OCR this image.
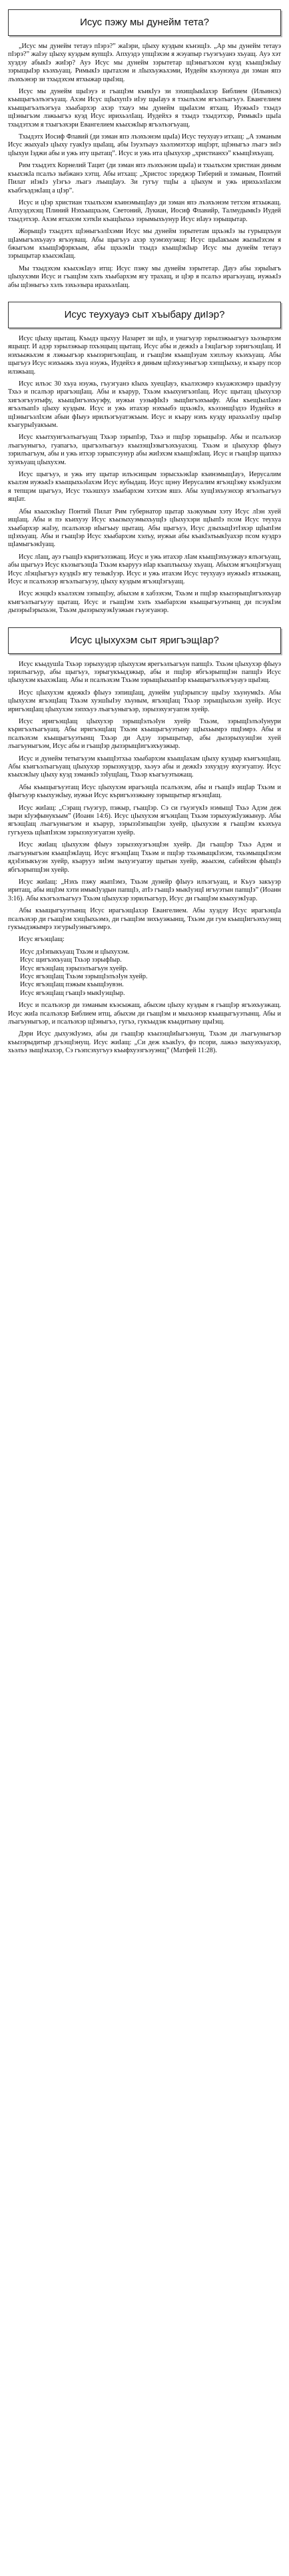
Исус пэжу мы дунейм тета?

„Исус мы дунейм тетауэ пIэрэ?” жаIэри, цIыху куэдым кънэщIэ. „Ар мы дунейм тетауэ пIэрэ?” жаIэу цIыху куэдым яупщIэ. Апхуэдэ упщIэхэм я жэуапыр гъуэгъуанэ хъуащ. Ауэ хэт хуэдэу абыкIэ жиIэр? Ауэ Исус мы дунейм зэрытетар щIэныгъэхэм куэд къыщIэкIыу зэрыщыIэр къэхъуащ. РимыкIэ щытахэм и лIыхъужьхэми, Иудейм къэунэхуа ди зэман япэ лъэхъэнэр зи тхыдэхэм ятхыжар щыIэщ.

Исус мы дунейм щыIэуэ и гъащIэм къикIуэ зи зэхищIыкIахэр Библием (Ильинск) къыщыгъэлъэгъуащ. Ахэм Исус щIыхупIэ иIэу щыIауэ я тхылъхэм ягъэлъагъуэ. Евангелием къыщыгъэлъэгъуа хъыбархэр ахэр тхауэ мы дунейм щыIахэм ятхащ. ИужькIэ тхыдэ щIэныгъэм лэжьыгъэ куэд Исус ирихьэлIащ. Иудейхэ я тхыдэ тхыдэтхэр, РимыкIэ щыIа тхыдэтхэм я тхыгъэхэри Евангелием къыхэкIыр ягъэлъэгъуащ.

Тхыдэтх Иосиф Флавий (ди зэман япэ лъэхъэнэм щыIа) Исус теухуауэ итхащ: „А зэманым Исус жыхуаIэ цIыху гуакIуэ щыIащ, абы Iэуэлъауэ хьэлэмэтхэр ищIэрт, щIэныгъэ лъагэ зиIэ цIыхуи Iэджи абы и ужь иту щытащ”. Исус и ужь ита цIыхухэр „христианхэ” къыщIэхъуащ.

Рим тхыдэтх Корнелий Тацит (ди зэман япэ лъэхъэнэм щыIа) и тхылъхэм христиан диным къыхэкIа псалъэ зыбжанэ хэтщ. Абы итхащ: „Христос зэреджэр Тиберий и зэманым, Понтий Пилат иIэкIэ уIэгъэ лъагэ лъыщIауэ. Зи гугъу тщIы а цIыхум и ужь ирихьэлIахэм къабгъэдэкIащ а цIэр”.

Исус и цIэр христиан тхылъхэм къинэмыщIауэ ди зэман япэ лъэхъэнэм тетхэм ятхыжащ. Апхуэдэхэщ Плиний Нэхъыщхьэм, Светоний, Лукиан, Иосиф Флавийр, ТалмудымкIэ Иудей тхыдэтхэр. Ахэм ятхахэм хэткIи къащIыхьэ зэрымыхъунур Исус иIауэ зэрыщытар.

ЖорыщIэ тхыдэтх щIэныгъэлIхэми Исус мы дунейм зэрытетам щхьэкIэ зы гурыщхъуи щIамыгъэхъуауэ ягъэуващ. Абы щыгъуэ ахэр хуэмэхуэжщ: Исус щыIакъым жызыIэхэм я бжыгъэм къыщIэфэркъым, абы щхьэкIи тхыдэ къыщIэкIыр Исус мы дунейм тетауэ зэрыщытар къыхэкIащ.

Мы тхыдэхэм къыхэкIауэ итщ: Исус пэжу мы дунейм зэрытетар. Дауэ абы зэрыIыгъ цIыхухэми Исус и гъащIэм хэлъ хъыбархэм ягу трахащ, и цIэр я псалъэ ирагъэуащ, иужькIэ абы щIэныгъэ хэлъ зэхьэзыра ирахьэлIащ.

Исус теухуауэ сыт хъыбару диIэр?

Исус цIыху щытащ. Къыдэ щыхуу Назарет зи щIэ, и унагъуэр зэрылэжьыгъуэ хьэзырхэм ящыщт. И адэр зэрылэжьар пхъэщыщ щытащ. Исус абы и дежкIэ а IэщIагъэр зэригъэщIащ. И нэхъыжьхэм я лэжьыгъэр къызэригъэщIащ, и гъащIэм къыщIэуам хэплъэу къэхъуащ. Абы щыгъуэ Исус нэхъыжь хъуа нэужь, Иудейхэ я диным щIэхъуэныгъэр хэпщIыхьу, и къару псор илэжьащ.

Исус илъэс 30 хъуа нэужь, гъуэгуанэ кIыхь хуещIауэ, къалэхэмрэ къуажэхэмрэ щыкIуэу Тхьэ и псалъэр ирагъэщIащ. Абы и къарур, Тхьэм къыхуигъэпIащ. Исус щытащ цIыхухэр хигъэгъуэтыфу, къыщIигъэхъуэфу, иужьи уэзыфIкIэ зыщIигъэхъыфу. Абы къещIылIамэ ягъэлъапIэ цIыху куэдым. Исус и ужь итахэр нэхъыбэ щхьэкIэ, къэзэнщIэдзэ Иудейхэ я щIэныгъэлIхэм абыи фIыуэ ирилъэгъуатэкъым. Исус и къару нэхъ куэду ирахьэлIэу щыIэр къагурыIуакъым.

Исус къытхуигъэлъагъуащ Тхьэр зэрыпIэр, Тхьэ и пщIэр зэрыщыIэр. Абы и псалъэхэр лъагъуныгъэ, гуапагъэ, щыгъэлъагъуэ къызэщIэзыгъэхъуахэщ. Тхьэм и цIыхухэр фIыуэ зэрилъагъум, абы и ужь итхэр зэрыпсэунур абы жиIэхэм къыщIэкIащ. Исус и гъащIэр щапхъэ хуэхъуащ цIыхухэм.

Исус щыгъуэ, и ужь иту щытар илъэсищым зэрысхьэкIар къинэмыщIауэ, Иерусалим къалэм иужькIэ къыщыхьэIахэм Исус яубыдащ. Исус щэну Иерусалим ягъэщIэжу къэкIуахэм я тепщэм щыгъуэ, Исус тхьэшхуэ хъыбархэм хэтхэм яшэ. Абы хущIэхъуэнхэр ягъэлъагъуэ ящIат.

Абы къыхэкIыу Понтий Пилат Рим губернатор щытар хьэкумым хэту Исус лIэн хуей ищIащ. Абы и пэ къихуэу Исус къызыхуэмыхъущIэ цIыхухэри щIыпIэ псом Исус теухуа хъыбархэр жаIэу, псалъэхэр иIыгъыу щытащ. Абы щыгъуэ, Исус дзыхьщIэтIэхэр щIыпIэм щIэхъуащ. Абы и гъащIэр Исус хъыбархэм хэлъу, иужьи абы къакIэлъыкIуахэр псом куэдрэ щIамыгъэкIуащ.

Исус лIащ, ауэ гъащIэ къригъэзэжащ. Исус и ужь итахэр лIам къыщIэхъуэжауэ ялъэгъуащ, абы щыгъуэ Исус къэзыгъэщIа Тхьэм къарууэ иIар къаплъыхьу хъуащ. Абыхэм ягъэщIэгъуащ Исус лIэщIыгъуэ куэдкIэ ягу тезыкIуэр. Исус и ужь итахэм Исус теухуауэ иужькIэ ятхыжащ, Исус и псалъэхэр ягъэлъагъуэу, цIыху куэдым ягъэщIэгъуащ.

Исус жэщкIэ къалэхэм зэпыщIэу, абыхэм я хабзэхэм, Тхьэм и пщIэр къызэрыщIигъэхъуар къигъэлъагъуэу щытащ. Исус и гъащIэм хэлъ хъыбархэм къыщыгъуэтынщ ди псэукIэм дызэрыIэрыхьэн, Тхьэм дызэрыхуэкIуэжын гъуэгуанэр.

Исус цIыхухэм сыт яригъэщIар?

Исус къыдушIа Тхьэр зэрыхуэдэр цIыхухэм ярегъэлъагъун папщIэ. Тхьэм цIыхухэр фIыуэ зэрилъагъур, абы щыгъуэ, зэрыгукъыдэжыр, абы и пщIэр ябгъэрыпщIэн папщIэ Исус цIыхухэм къахэкIащ. Абы и псалъэхэм Тхьэм зэрыщIыхыпIэр къыщыгъэлъэгъуауэ щыIэщ.

Исус цIыхухэм ядежкIэ фIыуэ зэпищIащ, дунейм ущIэрыпсэу щыIэу хъунумкIэ. Абы цIыхухэм ягъэщIащ Тхьэм хуэшIыIэу хъуным, ягъэщIащ Тхьэр зэрыщIыхьэн хуейр. Исус иригъэщIащ цIыхухэм зэпхъуэ лъагъуныгъэр, зэрызэхуэгуапэн хуейр.

Исус иригъэщIащ цIыхухэр зэрыщIэлъэIун хуейр Тхьэм, зэрыщIэлъэIунури къригъэлъагъуащ. Абы иригъэщIащ Тхьэм къыщыгъуэтыну щIыхьымрэ пщIэмрэ. Абы и псалъэхэм къыщыгъуэтынщ Тхьэр ди Адэу зэрыщытыр, абы дызэрыхуэщIэн хуей лъагъуныгъэм, Исус абы и гъащIэр дызэрыщIигъэхъуэжыр.

Исус и дунейм тетыгъуэм къыщIэтхьа хъыбархэм къыщIахам цIыху куэдыр къигъэщIащ. Абы къигъэлъагъуащ цIыхухэр зэрызэхуэдэр, хьэуэ абы и дежкIэ зэхуэдэу яхуэгуапэу. Исус къыхэкIыу цIыху куэд зэманкIэ зэIущIащ, Тхьэр къагъуэтыжащ.

Абы къыщыгъуэтащ Исус цIыхухэм ирагъэщIа псалъэхэм, абы и гъащIэ ищIар Тхьэм и фIыгъуэр къыхуэкIыу, иужьи Исус къригъэзэжыну зэрыщытыр ягъэщIащ.

Исус жиIащ: „Сэращ гъуэгур, пэжыр, гъащIэр. Сэ си гъуэгукIэ нэмыщI Тхьэ Адэм деж зыри кIуэфынукъым” (Иоанн 14:6). Исус цIыхухэм ягъэщIащ Тхьэм зэрыхуэкIуэжынур. Абы ягъэщIащ лъагъуныгъэм и къарур, зэрызэIэпыщIэн хуейр, цIыхухэм я гъащIэм къэхъуа гугъуехь щIыпIэхэм зэрызэхуэгуапэн хуейр.

Исус жиIащ цIыхухэм фIыуэ зэрызэхуэгъэщIэн хуейр. Ди гъащIэр Тхьэ Адэм и лъагъуныгъэм къыщIэкIаущ. Исус ягъэщIащ Тхьэм и пщIэр тхьэмыщкIэхэм, тхьэмыщкIэхэм ядэIэпыкъуэн хуейр, къарууэ зиIэм зыхуэгуапэу щытын хуейр, жьыхэм, сабийхэм фIыщIэ ябгъэрыпщIэн хуейр.

Исус жиIащ: „Нэхъ пэжу жыпIэмэ, Тхьэм дунейр фIыуэ илъэгъуащ, и Къуэ закъуэр иритащ, абы ищIэм хэти имыкIуэдын папщIэ, атIэ гъащIэ мыкIуэщI игъуэтын папщIэ” (Иоанн 3:16). Абы къэгъэлъагъуэ Тхьэм цIыхухэр зэрилъагъур, Исус ди гъащIэм къыхуэкIуар.

Абы къыщыгъуэтынщ Исус ирагъэщIахэр Евангелием. Абы хуэдэу Исус ирагъэщIа псалъэхэр ди гъащIэм хэщIыхьэмэ, ди гъащIэм зихъуэжынщ, Тхьэм ди гум къыщIигъэхъуэнщ гукъыдэжымрэ зэгурыIуэныгъэмрэ.

Исус ягъэщIащ:

Исус дэIэпыкъуащ Тхьэм и цIыхухэм.
Исус щигъэхъуащ Тхьэр зэрыфIыр.
Исус ягъэщIащ зэрызэлъагъун хуейр.
Исус ягъэщIащ Тхьэм зэрыщIэлъэIун хуейр.
Исус ягъэщIащ пэжым къыщIэувэн.
Исус ягъэщIащ гъащIэ мыкIуэщIыр.

Исус и псалъэхэр ди зэманым къэсыжащ, абыхэм цIыху куэдым я гъащIэр ягъэхъуэжащ. Исус жиIа псалъэхэр Библием итщ, абыхэм ди гъащIэм и мыхьэнэр къыщыгъуэтынщ. Абы и лъагъуныгъэр, и псалъэхэр щIэныгъэ, гугъэ, гукъыдэж къыдитыну щыIэщ.

Дэри Исус дыхуэкIуэмэ, абы ди гъащIэр къызэщIиIыгъэнущ, Тхьэм ди лъагъуныгъэр къызэрыдитыр дгъэщIэнущ. Исус жиIащ: „Си деж къакIуэ, фэ псори, лажьэ зыхуэхъуахэр, хьэлъэ зыщIэхахэр, Сэ гъэпсэхугъуэ къыфхуэзгъэуэнщ” (Матфей 11:28).
